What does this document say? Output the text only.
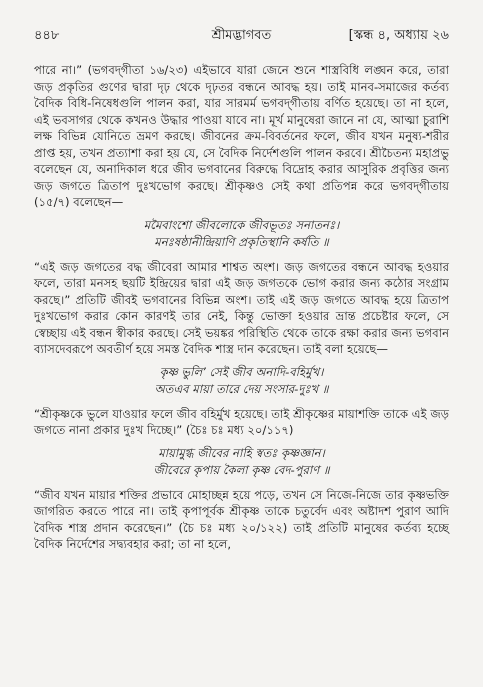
৪৪৮	শ্রীমদ্ভাগবত	[স্কন্ধ ৪, অধ্যায় ২৬

পারে না।” (ভগবদ্‌গীতা ১৬/২৩) এইভাবে যারা জেনে শুনে শাস্ত্রবিধি লঙ্ঘন করে, তারা জড় প্রকৃতির গুণের দ্বারা দৃঢ় থেকে দৃঢ়তর বন্ধনে আবদ্ধ হয়। তাই মানব-সমাজের কর্তব্য বৈদিক বিধি-নিষেধগুলি পালন করা, যার সারমর্ম ভগবদ্‌গীতায় বর্ণিত হয়েছে। তা না হলে, এই ভবসাগর থেকে কখনও উদ্ধার পাওয়া যাবে না। মূর্খ মানুষেরা জানে না যে, আত্মা চুরাশি লক্ষ বিভিন্ন যোনিতে ভ্রমণ করছে। জীবনের ক্রম-বিবর্তনের ফলে, জীব যখন মনুষ্য-শরীর প্রাপ্ত হয়, তখন প্রত্যাশা করা হয় যে, সে বৈদিক নির্দেশগুলি পালন করবে। শ্রীচৈতন্য মহাপ্রভু বলেছেন যে, অনাদিকাল ধরে জীব ভগবানের বিরুদ্ধে বিদ্রোহ করার আসুরিক প্রবৃত্তির জন্য জড় জগতে ত্রিতাপ দুঃখভোগ করছে। শ্রীকৃষ্ণও সেই কথা প্রতিপন্ন করে ভগবদ্‌গীতায় (১৫/৭) বলেছেন—

মমৈবাংশো জীবলোকে জীবভূতঃ সনাতনঃ।
মনঃষষ্ঠানীন্দ্রিয়াণি প্রকৃতিস্থানি কর্ষতি ॥

“এই জড় জগতের বদ্ধ জীবেরা আমার শাশ্বত অংশ। জড় জগতের বন্ধনে আবদ্ধ হওয়ার ফলে, তারা মনসহ ছয়টি ইন্দ্রিয়ের দ্বারা এই জড় জগতকে ভোগ করার জন্য কঠোর সংগ্রাম করছে।” প্রতিটি জীবই ভগবানের বিভিন্ন অংশ। তাই এই জড় জগতে আবদ্ধ হয়ে ত্রিতাপ দুঃখভোগ করার কোন কারণই তার নেই, কিন্তু ভোক্তা হওয়ার ভ্রান্ত প্রচেষ্টার ফলে, সে স্বেচ্ছায় এই বন্ধন স্বীকার করছে। সেই ভয়ঙ্কর পরিস্থিতি থেকে তাকে রক্ষা করার জন্য ভগবান ব্যাসদেবরূপে অবতীর্ণ হয়ে সমস্ত বৈদিক শাস্ত্র দান করেছেন। তাই বলা হয়েছে—

কৃষ্ণ ভুলি’ সেই জীব অনাদি-বহির্মুখ।
অতএব মায়া তারে দেয় সংসার-দুঃখ ॥

“শ্রীকৃষ্ণকে ভুলে যাওয়ার ফলে জীব বহির্মুখ হয়েছে। তাই শ্রীকৃষ্ণের মায়াশক্তি তাকে এই জড় জগতে নানা প্রকার দুঃখ দিচ্ছে।” (চৈঃ চঃ মধ্য ২০/১১৭)

মায়ামুগ্ধ জীবের নাহি স্বতঃ কৃষ্ণজ্ঞান।
জীবেরে কৃপায় কৈলা কৃষ্ণ বেদ-পুরাণ ॥

“জীব যখন মায়ার শক্তির প্রভাবে মোহাচ্ছন্ন হয়ে পড়ে, তখন সে নিজে-নিজে তার কৃষ্ণভক্তি জাগরিত করতে পারে না। তাই কৃপাপূর্বক শ্রীকৃষ্ণ তাকে চতুর্বেদ এবং অষ্টাদশ পুরাণ আদি বৈদিক শাস্ত্র প্রদান করেছেন।” (চৈ চঃ মধ্য ২০/১২২) তাই প্রতিটি মানুষের কর্তব্য হচ্ছে বৈদিক নির্দেশের সদ্ব্যবহার করা; তা না হলে,
